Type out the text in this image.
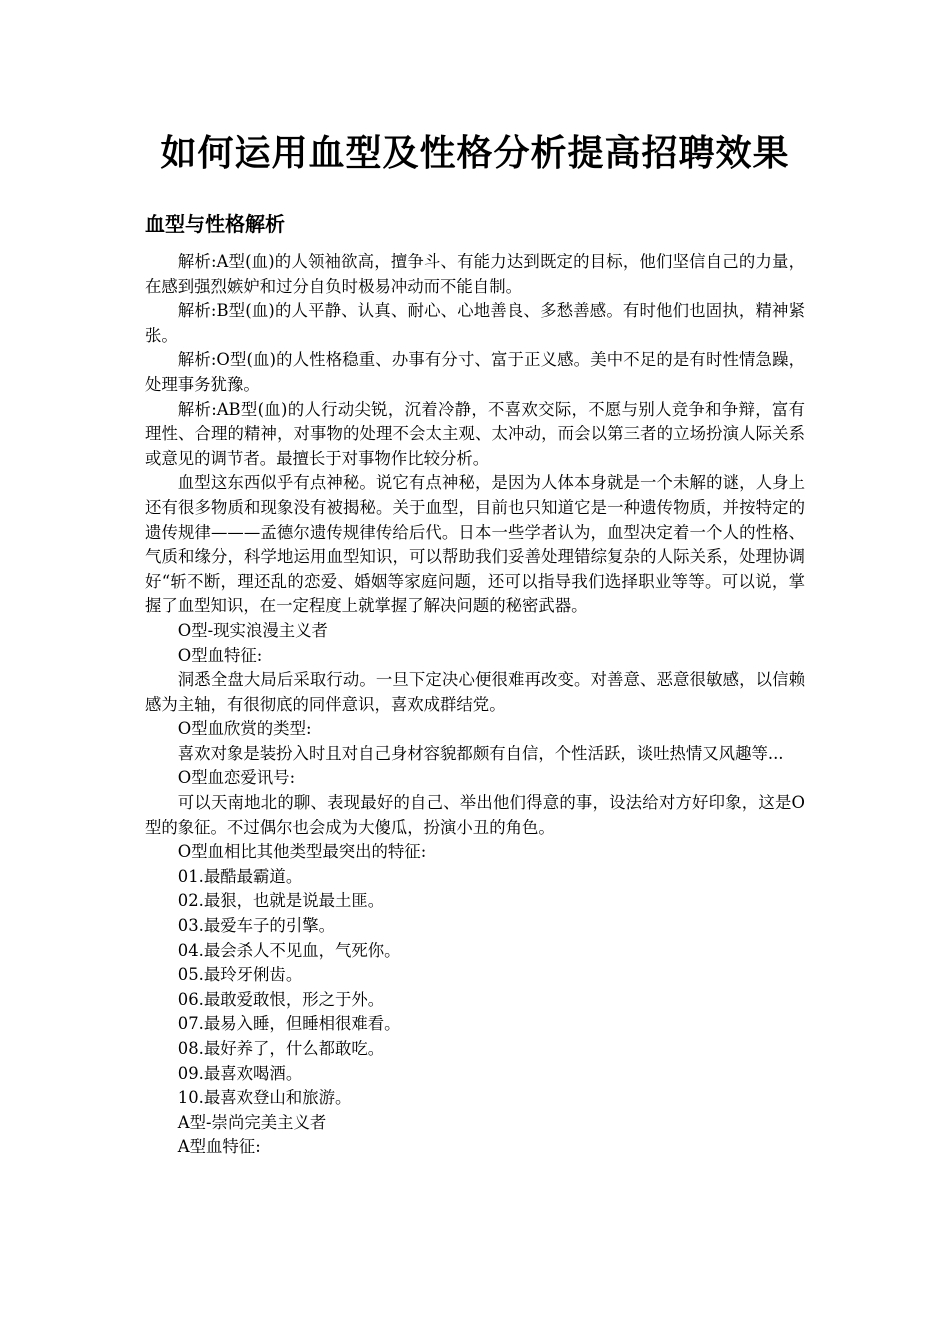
如何运用血型及性格分析提高招聘效果
血型与性格解析

解析:A型(血)的人领袖欲高，擅争斗、有能力达到既定的目标，他们坚信自己的力量，在感到强烈嫉妒和过分自负时极易冲动而不能自制。

解析:B型(血)的人平静、认真、耐心、心地善良、多愁善感。有时他们也固执，精神紧张。

解析:O型(血)的人性格稳重、办事有分寸、富于正义感。美中不足的是有时性情急躁，处理事务犹豫。

解析:AB型(血)的人行动尖锐，沉着冷静，不喜欢交际，不愿与别人竞争和争辩，富有理性、合理的精神，对事物的处理不会太主观、太冲动，而会以第三者的立场扮演人际关系或意见的调节者。最擅长于对事物作比较分析。

血型这东西似乎有点神秘。说它有点神秘，是因为人体本身就是一个未解的谜，人身上还有很多物质和现象没有被揭秘。关于血型，目前也只知道它是一种遗传物质，并按特定的遗传规律———孟德尔遗传规律传给后代。日本一些学者认为，血型决定着一个人的性格、气质和缘分，科学地运用血型知识，可以帮助我们妥善处理错综复杂的人际关系，处理协调好“斩不断，理还乱的恋爱、婚姻等家庭问题，还可以指导我们选择职业等等。可以说，掌握了血型知识，在一定程度上就掌握了解决问题的秘密武器。

O型-现实浪漫主义者

O型血特征:

洞悉全盘大局后采取行动。一旦下定决心便很难再改变。对善意、恶意很敏感，以信赖感为主轴，有很彻底的同伴意识，喜欢成群结党。

O型血欣赏的类型:

喜欢对象是装扮入时且对自己身材容貌都颇有自信，个性活跃，谈吐热情又风趣等...

O型血恋爱讯号:

可以天南地北的聊、表现最好的自己、举出他们得意的事，设法给对方好印象，这是O型的象征。不过偶尔也会成为大傻瓜，扮演小丑的角色。

O型血相比其他类型最突出的特征:

01.最酷最霸道。

02.最狠，也就是说最土匪。

03.最爱车子的引擎。

04.最会杀人不见血，气死你。

05.最玲牙俐齿。

06.最敢爱敢恨，形之于外。

07.最易入睡，但睡相很难看。

08.最好养了，什么都敢吃。

09.最喜欢喝酒。

10.最喜欢登山和旅游。

A型-崇尚完美主义者

A型血特征:
